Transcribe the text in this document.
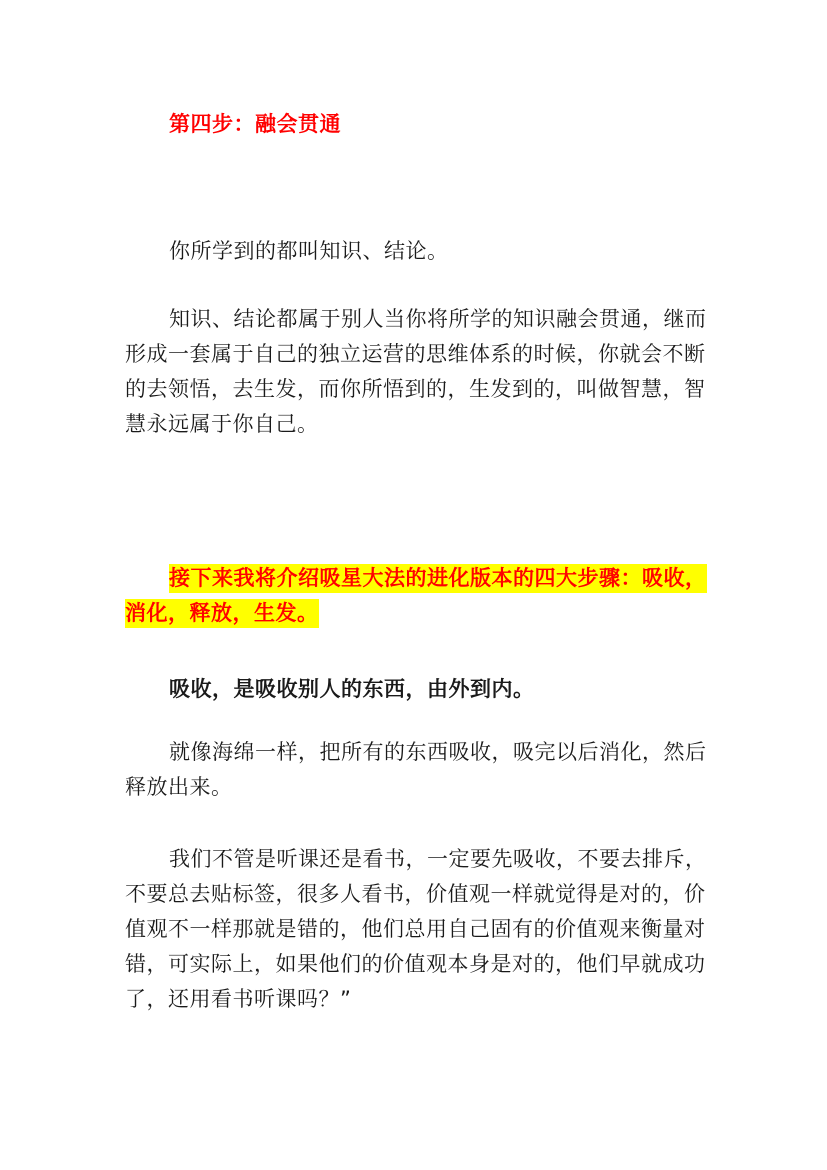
第四步：融会贯通

你所学到的都叫知识、结论。

知识、结论都属于别人当你将所学的知识融会贯通，继而形成一套属于自己的独立运营的思维体系的时候，你就会不断的去领悟，去生发，而你所悟到的，生发到的，叫做智慧，智慧永远属于你自己。

接下来我将介绍吸星大法的进化版本的四大步骤：吸收，消化，释放，生发。

吸收，是吸收别人的东西，由外到内。

就像海绵一样，把所有的东西吸收，吸完以后消化，然后释放出来。

我们不管是听课还是看书，一定要先吸收，不要去排斥，不要总去贴标签，很多人看书，价值观一样就觉得是对的，价值观不一样那就是错的，他们总用自己固有的价值观来衡量对错，可实际上，如果他们的价值观本身是对的，他们早就成功了，还用看书听课吗？”
